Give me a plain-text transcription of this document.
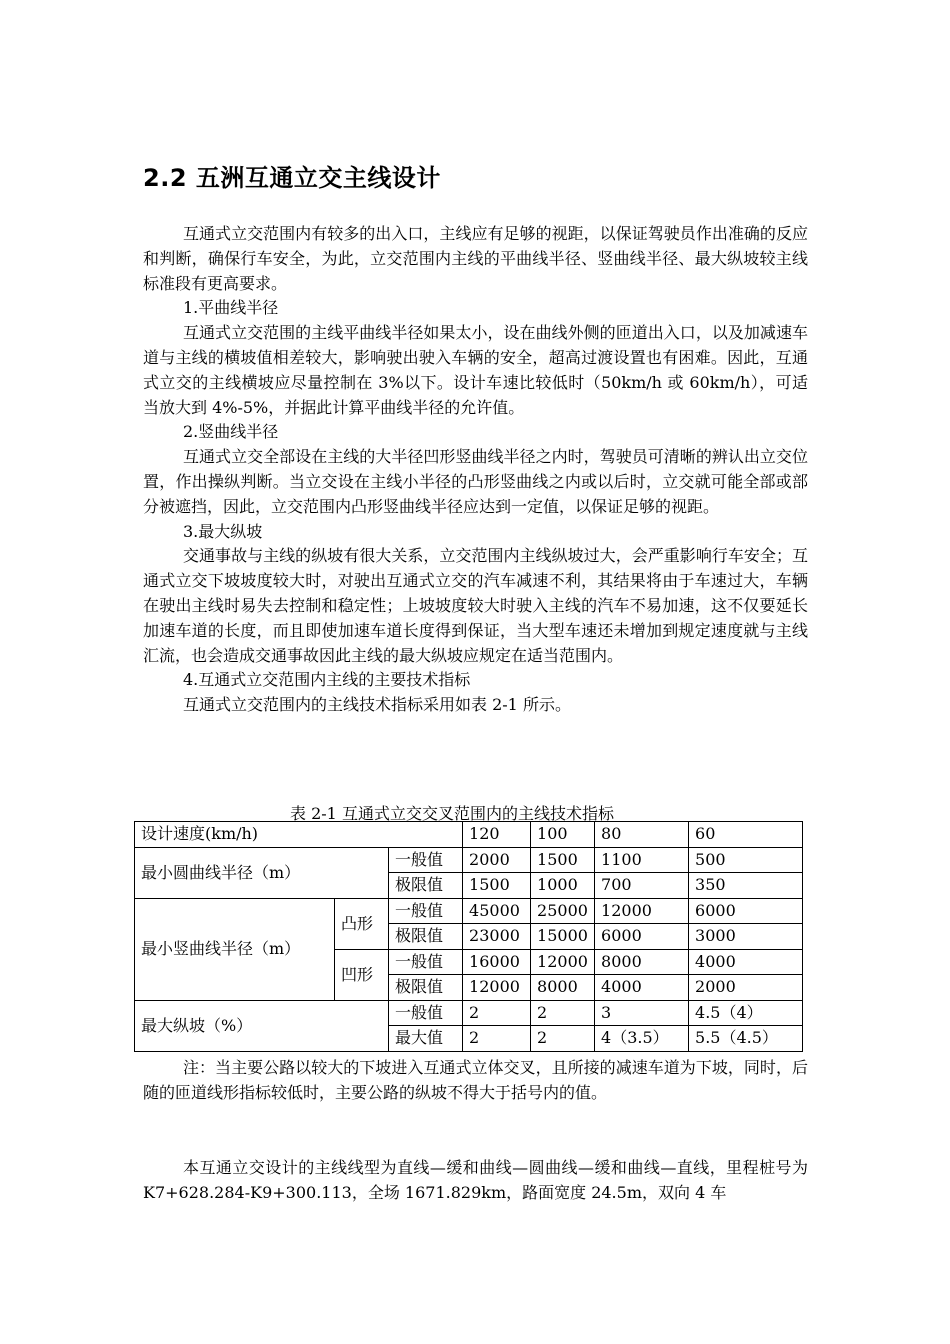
2.2 五洲互通立交主线设计

互通式立交范围内有较多的出入口，主线应有足够的视距，以保证驾驶员作出准确的反应和判断，确保行车安全，为此，立交范围内主线的平曲线半径、竖曲线半径、最大纵坡较主线标准段有更高要求。

1.平曲线半径

互通式立交范围的主线平曲线半径如果太小，设在曲线外侧的匝道出入口，以及加减速车道与主线的横坡值相差较大，影响驶出驶入车辆的安全，超高过渡设置也有困难。因此，互通式立交的主线横坡应尽量控制在 3%以下。设计车速比较低时（50km/h 或 60km/h），可适当放大到 4%-5%，并据此计算平曲线半径的允许值。

2.竖曲线半径

互通式立交全部设在主线的大半径凹形竖曲线半径之内时，驾驶员可清晰的辨认出立交位置，作出操纵判断。当立交设在主线小半径的凸形竖曲线之内或以后时，立交就可能全部或部分被遮挡，因此，立交范围内凸形竖曲线半径应达到一定值，以保证足够的视距。

3.最大纵坡

交通事故与主线的纵坡有很大关系，立交范围内主线纵坡过大，会严重影响行车安全；互通式立交下坡坡度较大时，对驶出互通式立交的汽车减速不利，其结果将由于车速过大，车辆在驶出主线时易失去控制和稳定性；上坡坡度较大时驶入主线的汽车不易加速，这不仅要延长加速车道的长度，而且即使加速车道长度得到保证，当大型车速还未增加到规定速度就与主线汇流，也会造成交通事故因此主线的最大纵坡应规定在适当范围内。

4.互通式立交范围内主线的主要技术指标

互通式立交范围内的主线技术指标采用如表 2-1 所示。

表 2-1 互通式立交交叉范围内的主线技术指标
设计速度(km/h)			120	100	80	60
最小圆曲线半径（m）		一般值	2000	1500	1100	500
		极限值	1500	1000	700	350
最小竖曲线半径（m）	凸形	一般值	45000	25000	12000	6000
		极限值	23000	15000	6000	3000
	凹形	一般值	16000	12000	8000	4000
		极限值	12000	8000	4000	2000
最大纵坡（%）		一般值	2	2	3	4.5（4）
		最大值	2	2	4（3.5）	5.5（4.5）

注：当主要公路以较大的下坡进入互通式立体交叉，且所接的减速车道为下坡，同时，后随的匝道线形指标较低时，主要公路的纵坡不得大于括号内的值。

本互通立交设计的主线线型为直线—缓和曲线—圆曲线—缓和曲线—直线，里程桩号为 K7+628.284-K9+300.113，全场 1671.829km，路面宽度 24.5m，双向 4 车
